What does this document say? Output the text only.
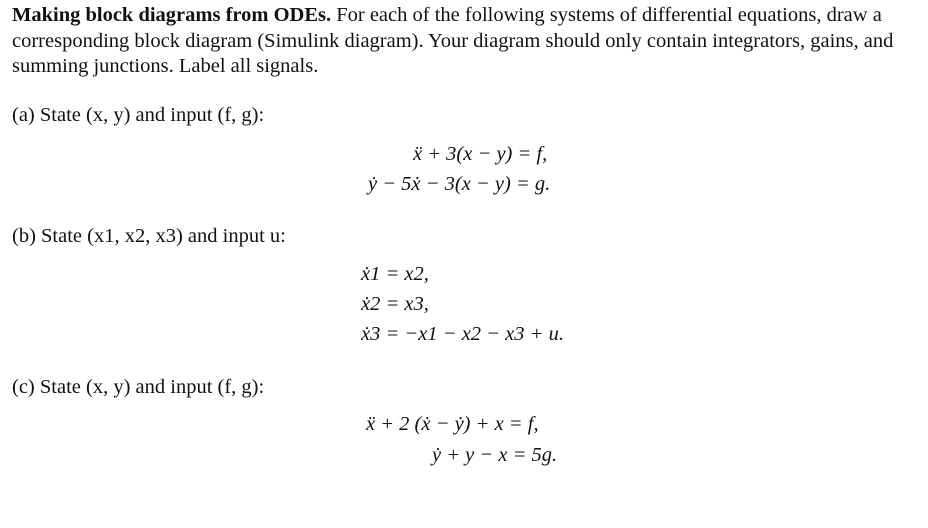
Making block diagrams from ODEs. For each of the following systems of differential equations, draw a corresponding block diagram (Simulink diagram). Your diagram should only contain integrators, gains, and summing junctions. Label all signals.
(a) State (x, y) and input (f, g):
ẍ + 3(x − y) = f,
ẏ − 5ẋ − 3(x − y) = g.
(b) State (x1, x2, x3) and input u:
ẋ1 = x2,
ẋ2 = x3,
ẋ3 = −x1 − x2 − x3 + u.
(c) State (x, y) and input (f, g):
ẍ + 2 (ẋ − ẏ) + x = f,
ẏ + y − x = 5g.
